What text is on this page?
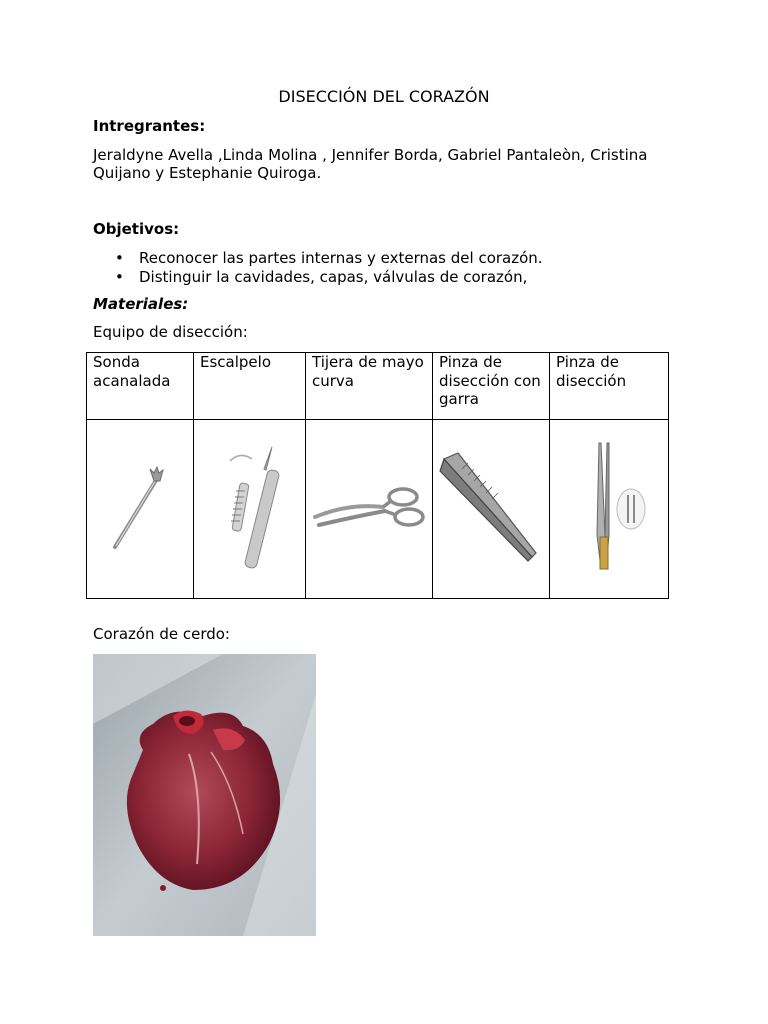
DISECCIÓN DEL CORAZÓN
Intregrantes:
Jeraldyne Avella ,Linda Molina , Jennifer Borda, Gabriel Pantaleòn, Cristina Quijano y Estephanie Quiroga.
Objetivos:
• Reconocer las partes internas y externas del corazón.
• Distinguir la cavidades, capas, válvulas de corazón,
Materiales:
Equipo de disección:
Sonda acanalada	Escalpelo	Tijera de mayo curva	Pinza de disección con garra	Pinza de disección

Corazón de cerdo:
